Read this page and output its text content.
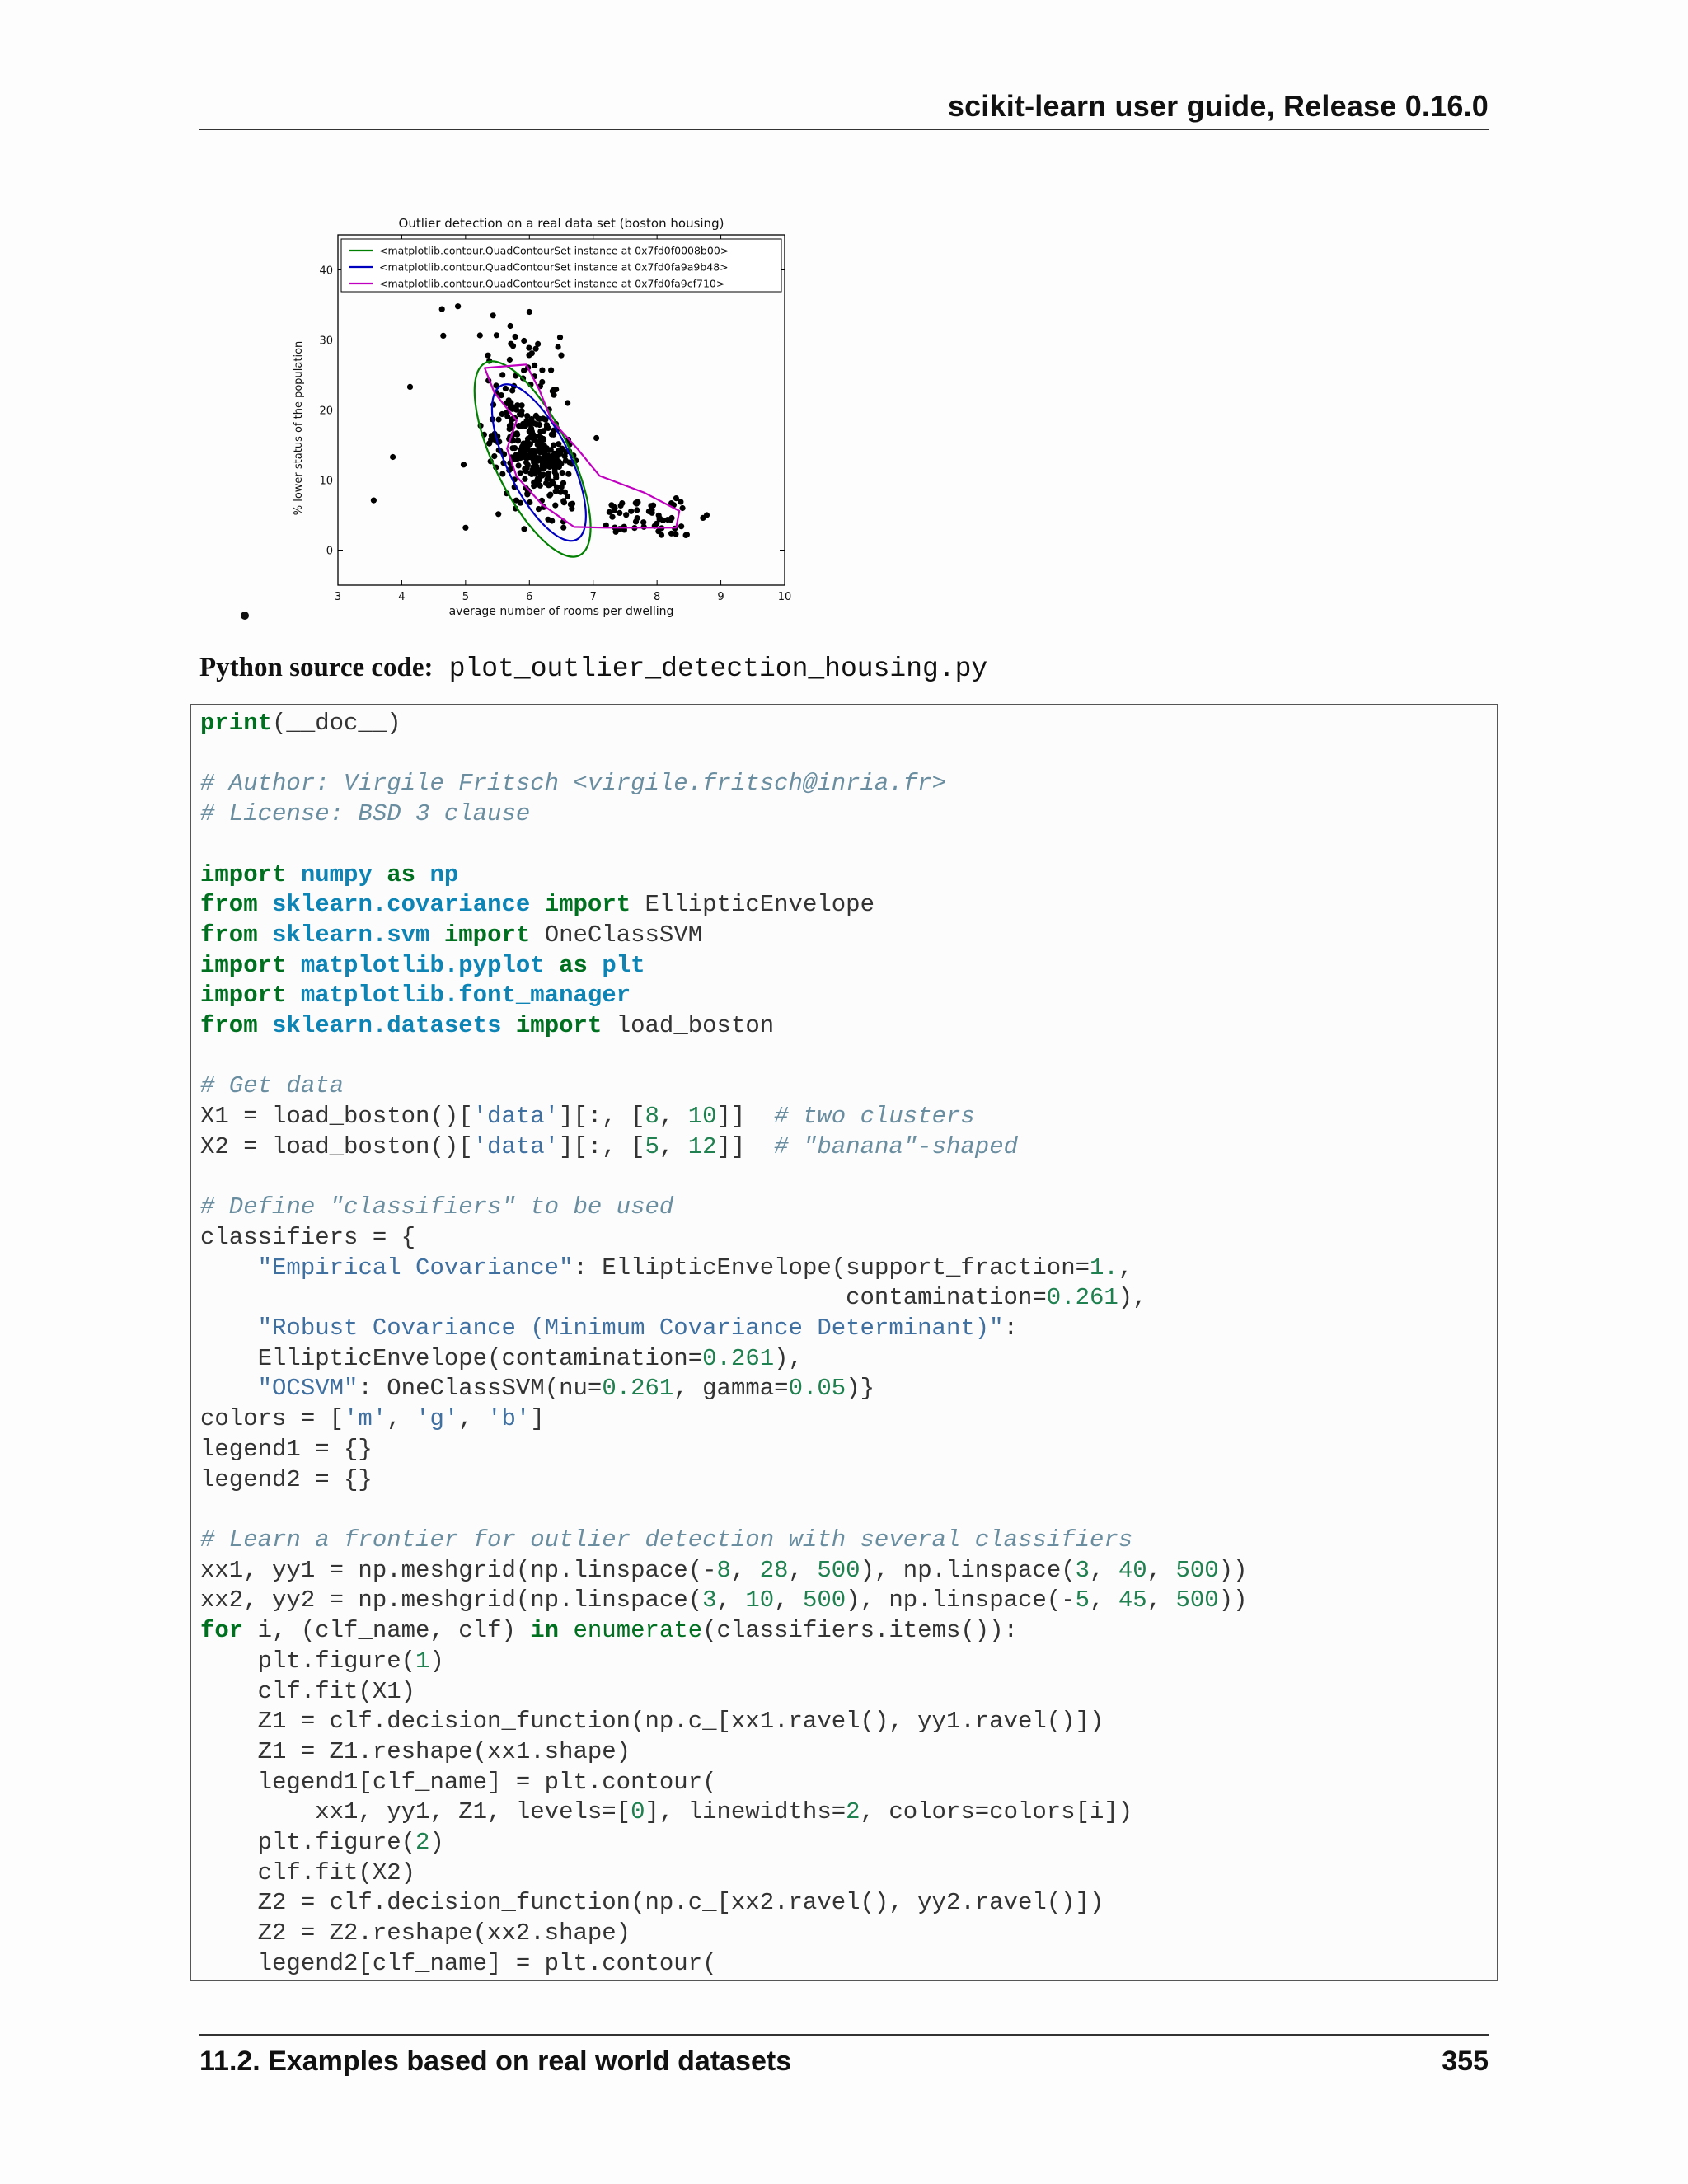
scikit-learn user guide, Release 0.16.0
Outlier detection on a real data set (boston housing)
3	4	5	6	7	8	9	10
0
10
20
30
40
average number of rooms per dwelling
% lower status of the population
<matplotlib.contour.QuadContourSet instance at 0x7fd0f0008b00>
<matplotlib.contour.QuadContourSet instance at 0x7fd0fa9a9b48>
<matplotlib.contour.QuadContourSet instance at 0x7fd0fa9cf710>
Python source code: plot_outlier_detection_housing.py
print(__doc__)

# Author: Virgile Fritsch <virgile.fritsch@inria.fr>
# License: BSD 3 clause

import numpy as np
from sklearn.covariance import EllipticEnvelope
from sklearn.svm import OneClassSVM
import matplotlib.pyplot as plt
import matplotlib.font_manager
from sklearn.datasets import load_boston

# Get data
X1 = load_boston()['data'][:, [8, 10]]  # two clusters
X2 = load_boston()['data'][:, [5, 12]]  # "banana"-shaped

# Define "classifiers" to be used
classifiers = {
"Empirical Covariance": EllipticEnvelope(support_fraction=1.,
contamination=0.261),
"Robust Covariance (Minimum Covariance Determinant)":
EllipticEnvelope(contamination=0.261),
"OCSVM": OneClassSVM(nu=0.261, gamma=0.05)}
colors = ['m', 'g', 'b']
legend1 = {}
legend2 = {}

# Learn a frontier for outlier detection with several classifiers
xx1, yy1 = np.meshgrid(np.linspace(-8, 28, 500), np.linspace(3, 40, 500))
xx2, yy2 = np.meshgrid(np.linspace(3, 10, 500), np.linspace(-5, 45, 500))
for i, (clf_name, clf) in enumerate(classifiers.items()):
plt.figure(1)
clf.fit(X1)
Z1 = clf.decision_function(np.c_[xx1.ravel(), yy1.ravel()])
Z1 = Z1.reshape(xx1.shape)
legend1[clf_name] = plt.contour(
xx1, yy1, Z1, levels=[0], linewidths=2, colors=colors[i])
plt.figure(2)
clf.fit(X2)
Z2 = clf.decision_function(np.c_[xx2.ravel(), yy2.ravel()])
Z2 = Z2.reshape(xx2.shape)
legend2[clf_name] = plt.contour(
11.2. Examples based on real world datasets	355
